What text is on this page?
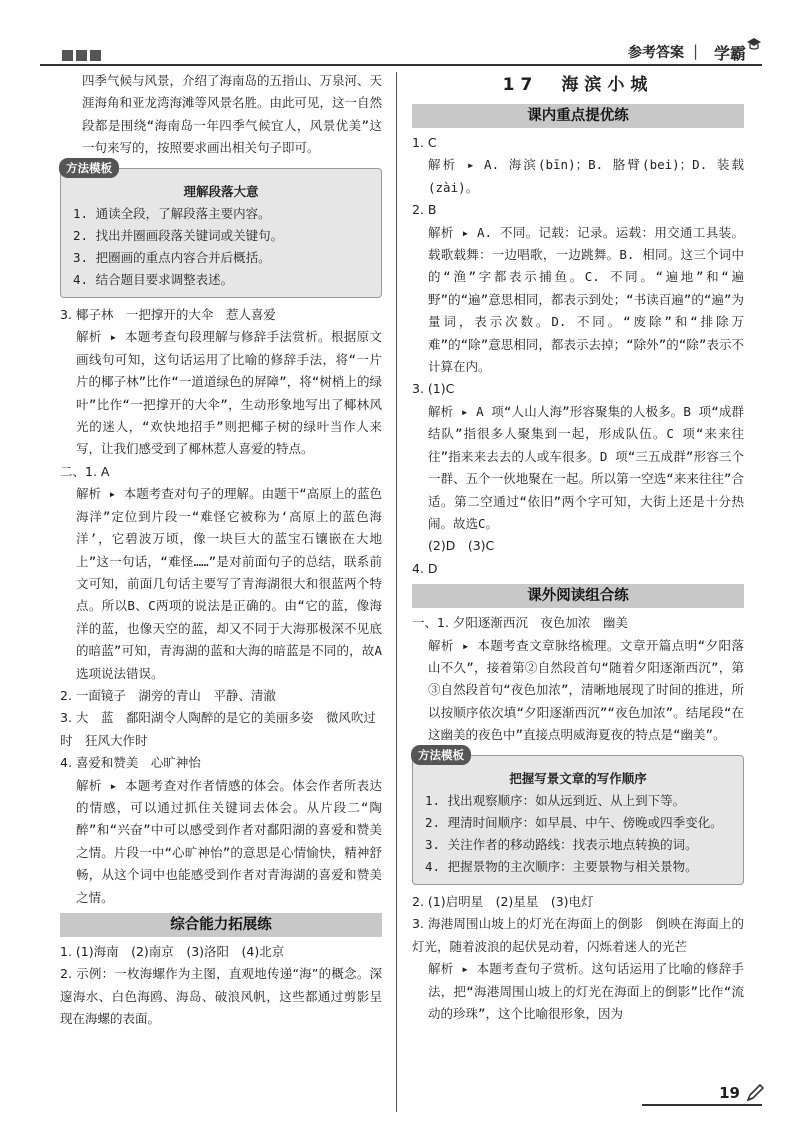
参考答案 | 学霸
四季气候与风景，介绍了海南岛的五指山、万泉河、天涯海角和亚龙湾海滩等风景名胜。由此可见，这一自然段都是围绕“海南岛一年四季气候宜人，风景优美”这一句来写的，按照要求画出相关句子即可。
方法模板
理解段落大意
1. 通读全段，了解段落主要内容。
2. 找出并圈画段落关键词或关键句。
3. 把圈画的重点内容合并后概括。
4. 结合题目要求调整表述。
3. 椰子林　一把撑开的大伞　惹人喜爱
解析 ▸ 本题考查句段理解与修辞手法赏析。根据原文画线句可知，这句话运用了比喻的修辞手法，将“一片片的椰子林”比作“一道道绿色的屏障”，将“树梢上的绿叶”比作“一把撑开的大伞”，生动形象地写出了椰林风光的迷人，“欢快地招手”则把椰子树的绿叶当作人来写，让我们感受到了椰林惹人喜爱的特点。
二、1. A
解析 ▸ 本题考查对句子的理解。由题干“高原上的蓝色海洋”定位到片段一“难怪它被称为‘高原上的蓝色海洋’，它碧波万顷，像一块巨大的蓝宝石镶嵌在大地上”这一句话，“难怪……”是对前面句子的总结，联系前文可知，前面几句话主要写了青海湖很大和很蓝两个特点。所以B、C两项的说法是正确的。由“它的蓝，像海洋的蓝，也像天空的蓝，却又不同于大海那极深不见底的暗蓝”可知，青海湖的蓝和大海的暗蓝是不同的，故A选项说法错误。
2. 一面镜子　湖旁的青山　平静、清澈
3. 大　蓝　鄱阳湖令人陶醉的是它的美丽多姿　微风吹过时　狂风大作时
4. 喜爱和赞美　心旷神怡
解析 ▸ 本题考查对作者情感的体会。体会作者所表达的情感，可以通过抓住关键词去体会。从片段二“陶醉”和“兴奋”中可以感受到作者对鄱阳湖的喜爱和赞美之情。片段一中“心旷神怡”的意思是心情愉快，精神舒畅，从这个词中也能感受到作者对青海湖的喜爱和赞美之情。
综合能力拓展练
1. (1)海南　(2)南京　(3)洛阳　(4)北京
2. 示例：一枚海螺作为主图，直观地传递“海”的概念。深邃海水、白色海鸥、海岛、破浪风帆，这些都通过剪影呈现在海螺的表面。
17　海滨小城
课内重点提优练
1. C
解析 ▸ A. 海滨(bīn)；B. 胳臂(bei)；D. 装载(zài)。
2. B
解析 ▸ A. 不同。记载：记录。运载：用交通工具装。载歌载舞：一边唱歌，一边跳舞。B. 相同。这三个词中的“渔”字都表示捕鱼。C. 不同。“遍地”和“遍野”的“遍”意思相同，都表示到处；“书读百遍”的“遍”为量词，表示次数。D. 不同。“废除”和“排除万难”的“除”意思相同，都表示去掉；“除外”的“除”表示不计算在内。
3. (1)C
解析 ▸ A 项“人山人海”形容聚集的人极多。B 项“成群结队”指很多人聚集到一起，形成队伍。C 项“来来往往”指来来去去的人或车很多。D 项“三五成群”形容三个一群、五个一伙地聚在一起。所以第一空选“来来往往”合适。第二空通过“依旧”两个字可知，大街上还是十分热闹。故选C。
(2)D　(3)C
4. D
课外阅读组合练
一、1. 夕阳逐渐西沉　夜色加浓　幽美
解析 ▸ 本题考查文章脉络梳理。文章开篇点明“夕阳落山不久”，接着第②自然段首句“随着夕阳逐渐西沉”，第③自然段首句“夜色加浓”，清晰地展现了时间的推进，所以按顺序依次填“夕阳逐渐西沉”“夜色加浓”。结尾段“在这幽美的夜色中”直接点明威海夏夜的特点是“幽美”。
方法模板
把握写景文章的写作顺序
1. 找出观察顺序：如从远到近、从上到下等。
2. 理清时间顺序：如早晨、中午、傍晚或四季变化。
3. 关注作者的移动路线：找表示地点转换的词。
4. 把握景物的主次顺序：主要景物与相关景物。
2. (1)启明星　(2)星星　(3)电灯
3. 海港周围山坡上的灯光在海面上的倒影　倒映在海面上的灯光，随着波浪的起伏晃动着，闪烁着迷人的光芒
解析 ▸ 本题考查句子赏析。这句话运用了比喻的修辞手法，把“海港周围山坡上的灯光在海面上的倒影”比作“流动的珍珠”，这个比喻很形象，因为
19
